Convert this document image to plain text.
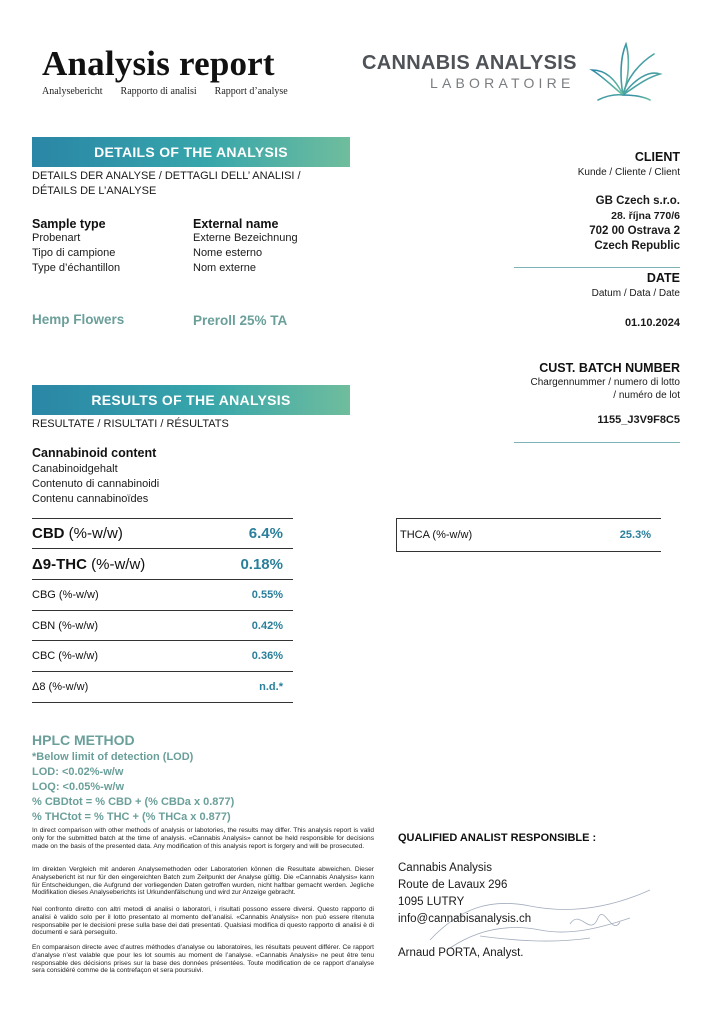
Analysis report
Analysebericht Rapporto di analisi Rapport d’analyse
CANNABIS ANALYSIS
LABORATOIRE
DETAILS OF THE ANALYSIS
DETAILS DER ANALYSE / DETTAGLI DELL’ ANALISI /
DÉTAILS DE L’ANALYSE
Sample type
Probenart
Tipo di campione
Type d’échantillon
External name
Externe Bezeichnung
Nome esterno
Nom externe
Hemp Flowers	Preroll 25% TA
CLIENT
Kunde / Cliente / Client
GB Czech s.r.o.
28. října 770/6
702 00 Ostrava 2
Czech Republic
DATE
Datum / Data / Date
01.10.2024
CUST. BATCH NUMBER
Chargennummer / numero di lotto
/ numéro de lot
1155_J3V9F8C5
RESULTS OF THE ANALYSIS
RESULTATE / RISULTATI / RÉSULTATS
Cannabinoid content
Canabinoidgehalt
Contenuto di cannabinoidi
Contenu cannabinoïdes
CBD (%-w/w)	6.4%
Δ9-THC (%-w/w)	0.18%
CBG (%-w/w)	0.55%
CBN (%-w/w)	0.42%
CBC (%-w/w)	0.36%
Δ8 (%-w/w)	n.d.*
THCA (%-w/w)	25.3%
HPLC METHOD
*Below limit of detection (LOD)
LOD: <0.02%-w/w
LOQ: <0.05%-w/w
% CBDtot = % CBD + (% CBDa x 0.877)
% THCtot = % THC + (% THCa x 0.877)
In direct comparison with other methods of analysis or labotories, the results may differ. This analysis report is valid only for the submitted batch at the time of analysis. «Cannabis Analysis» cannot be held responsible for decisions made on the basis of the presented data. Any modification of this analysis report is forgery and will be prosecuted.
Im direkten Vergleich mit anderen Analysemethoden oder Laboratorien können die Resultate abweichen. Dieser Analysebericht ist nur für den eingereichten Batch zum Zeitpunkt der Analyse gültig. Die «Cannabis Analysis» kann für Entscheidungen, die Aufgrund der vorliegenden Daten getroffen wurden, nicht haftbar gemacht werden. Jegliche Modifikation dieses Analyseberichts ist Urkundenfälschung und wird zur Anzeige gebracht.
Nel confronto diretto con altri metodi di analisi o laboratori, i risultati possono essere diversi. Questo rapporto di analisi è valido solo per il lotto presentato al momento dell’analisi. «Cannabis Analysis» non può essere ritenuta responsabile per le decisioni prese sulla base dei dati presentati. Qualsiasi modifica di questo rapporto di analisi è di documenti e sarà perseguito.
En comparaison directe avec d’autres méthodes d’analyse ou laboratoires, les résultats peuvent différer. Ce rapport d’analyse n’est valable que pour les lot soumis au moment de l’analyse. «Cannabis Analysis» ne peut être tenu responsable des décisions prises sur la base des données présentées. Toute modification de ce rapport d’analyse sera considéré comme de la contrefaçon et sera poursuivi.
QUALIFIED ANALIST RESPONSIBLE :
Cannabis Analysis
Route de Lavaux 296
1095 LUTRY
info@cannabisanalysis.ch
Arnaud PORTA, Analyst.
